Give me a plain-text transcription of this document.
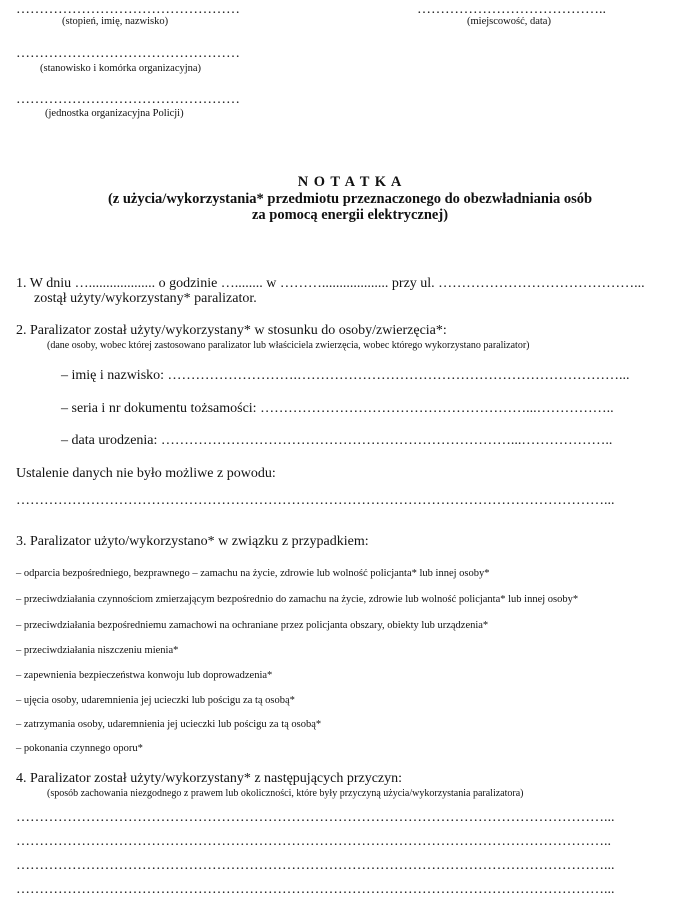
…………………………………………
(stopień, imię, nazwisko)
…………………………………………
(stanowisko i komórka organizacyjna)
…………………………………………
(jednostka organizacyjna Policji)
…………………………………..
(miejscowość, data)
N O T A T K A
(z użycia/wykorzystania* przedmiotu przeznaczonego do obezwładniania osób
za pomocą energii elektrycznej)
1. W dniu …................... o godzinie …........ w ………................... przy ul. ……………………………………...
zostął użyty/wykorzystany* paralizator.
2. Paralizator został użyty/wykorzystany* w stosunku do osoby/zwierzęcia*:
(dane osoby, wobec której zastosowano paralizator lub właściciela zwierzęcia, wobec którego wykorzystano paralizator)
– imię i nazwisko: ……………………….……………………………………………………………...
– seria i nr dokumentu tożsamości: …………………………………………………...……………..
– data urodzenia: …………………………………………………………………...………………..
Ustalenie danych nie było możliwe z powodu:
………………………………………………………………………………………………………………...
3. Paralizator użyto/wykorzystano* w związku z przypadkiem:
– odparcia bezpośredniego, bezprawnego – zamachu na życie, zdrowie lub wolność policjanta* lub innej osoby*
– przeciwdziałania czynnościom zmierzającym bezpośrednio do zamachu na życie, zdrowie lub wolność policjanta* lub innej osoby*
– przeciwdziałania bezpośredniemu zamachowi na ochraniane przez policjanta obszary, obiekty lub urządzenia*
– przeciwdziałania niszczeniu mienia*
– zapewnienia bezpieczeństwa konwoju lub doprowadzenia*
– ujęcia osoby, udaremnienia jej ucieczki lub pościgu za tą osobą*
– zatrzymania osoby, udaremnienia jej ucieczki lub pościgu za tą osobą*
– pokonania czynnego oporu*
4. Paralizator został użyty/wykorzystany* z następujących przyczyn:
(sposób zachowania niezgodnego z prawem lub okoliczności, które były przyczyną użycia/wykorzystania paralizatora)
………………………………………………………………………………………………………………...
………………………………………………………………………………………………………………..
………………………………………………………………………………………………………………...
………………………………………………………………………………………………………………...
